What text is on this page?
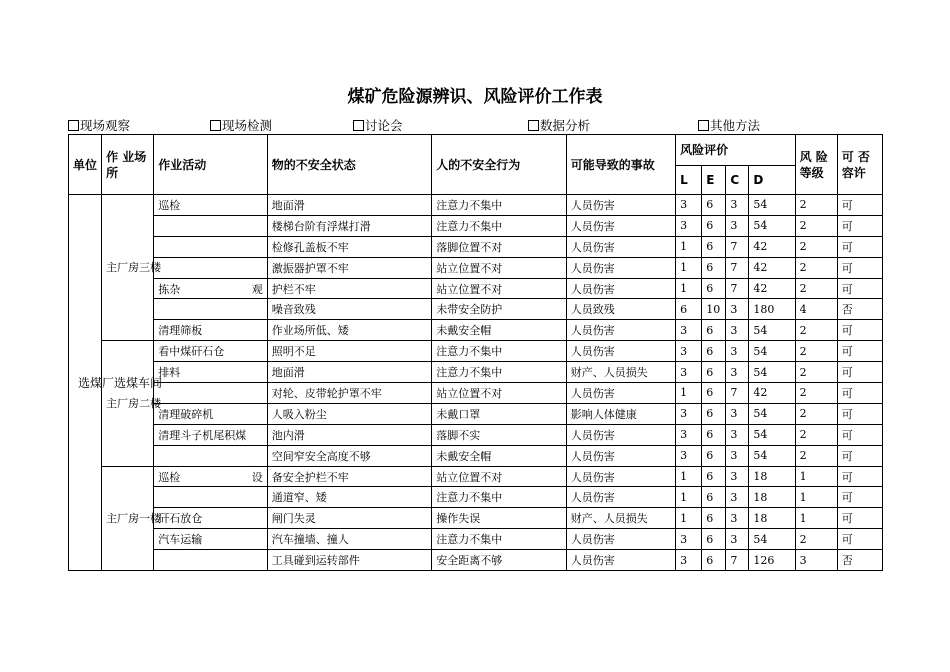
煤矿危险源辨识、风险评价工作表
现场观察	现场检测	讨论会	数据分析	其他方法
单位	作 业场所	作业活动	物的不安全状态	人的不安全行为	可能导致的事故	风险评价				风 险等级	可 否容许
						L	E	C	D		

选煤厂选煤车间	主厂房三楼	巡检	地面滑	注意力不集中	人员伤害	3	6	3	54	2	可
			楼梯台阶有浮煤打滑	注意力不集中	人员伤害	3	6	3	54	2	可
			检修孔盖板不牢	落脚位置不对	人员伤害	1	6	7	42	2	可
			激振器护罩不牢	站立位置不对	人员伤害	1	6	7	42	2	可

		拣杂 观	护栏不牢	站立位置不对	人员伤害	1	6	7	42	2	可
			噪音致残	未带安全防护	人员致残	6	10	3	180	4	否
		清理筛板	作业场所低、矮	未戴安全帽	人员伤害	3	6	3	54	2	可

	主厂房二楼	看中煤矸石仓	照明不足	注意力不集中	人员伤害	3	6	3	54	2	可
		排料	地面滑	注意力不集中	财产、人员损失	3	6	3	54	2	可
			对轮、皮带轮护罩不牢	站立位置不对	人员伤害	1	6	7	42	2	可
		清理破碎机	人吸入粉尘	未戴口罩	影响人体健康	3	6	3	54	2	可
		清理斗子机尾积煤	池内滑	落脚不实	人员伤害	3	6	3	54	2	可
			空间窄安全高度不够	未戴安全帽	人员伤害	3	6	3	54	2	可

	主厂房一楼	巡检 设	备安全护栏不牢	站立位置不对	人员伤害	1	6	3	18	1	可
			通道窄、矮	注意力不集中	人员伤害	1	6	3	18	1	可
		矸石放仓	闸门失灵	操作失误	财产、人员损失	1	6	3	18	1	可
		汽车运输	汽车撞墙、撞人	注意力不集中	人员伤害	3	6	3	54	2	可
			工具碰到运转部件	安全距离不够	人员伤害	3	6	7	126	3	否
